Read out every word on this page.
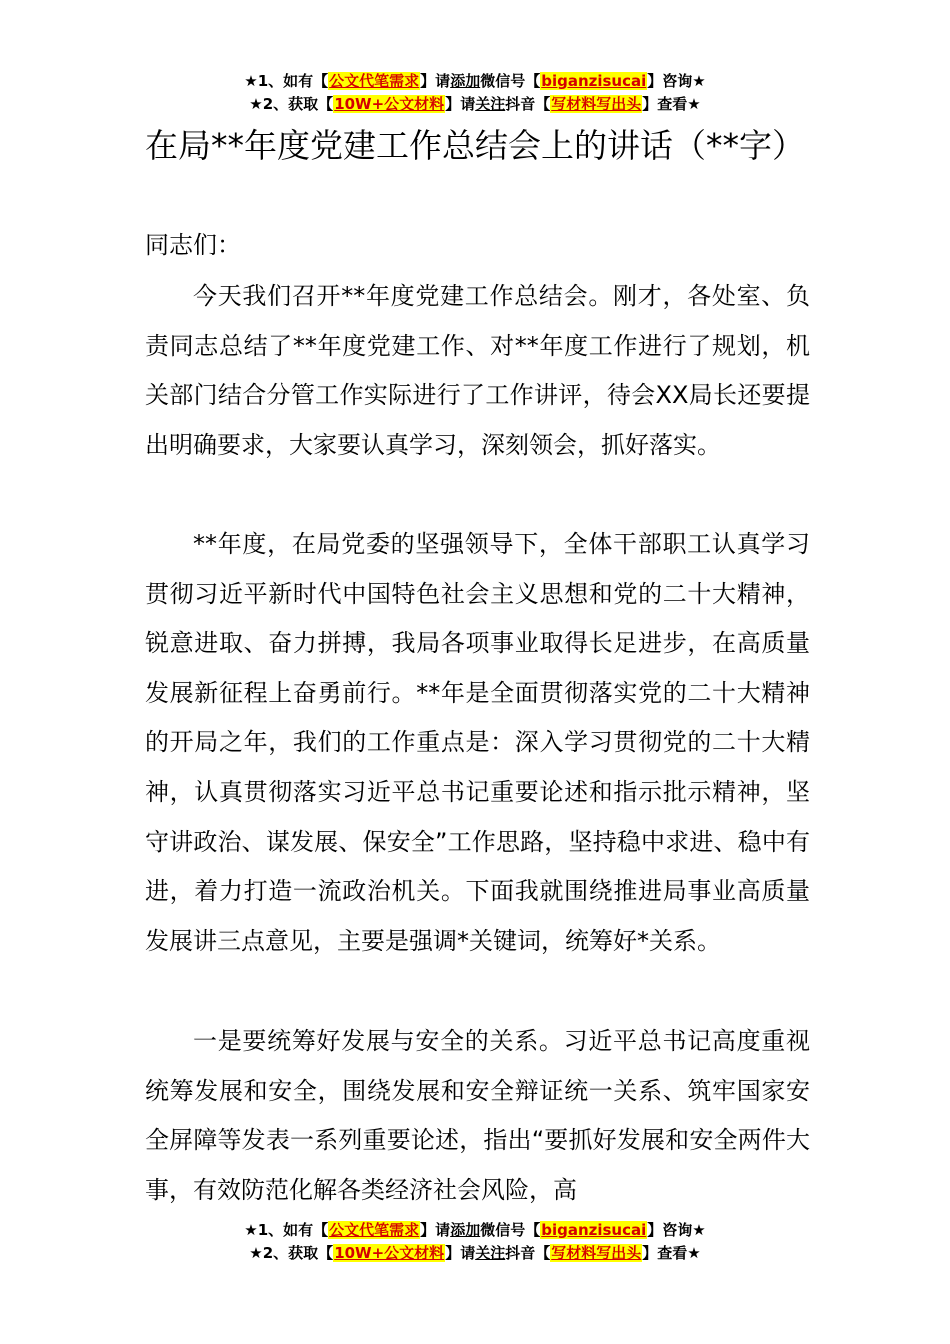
★1、如有【公文代笔需求】请添加微信号【biganzisucai】咨询★
★2、获取【10W+公文材料】请关注抖音【写材料写出头】查看★
在局**年度党建工作总结会上的讲话（**字）

同志们：

今天我们召开**年度党建工作总结会。刚才，各处室、负责同志总结了**年度党建工作、对**年度工作进行了规划，机关部门结合分管工作实际进行了工作讲评，待会XX局长还要提出明确要求，大家要认真学习，深刻领会，抓好落实。

**年度，在局党委的坚强领导下，全体干部职工认真学习贯彻习近平新时代中国特色社会主义思想和党的二十大精神，锐意进取、奋力拼搏，我局各项事业取得长足进步，在高质量发展新征程上奋勇前行。**年是全面贯彻落实党的二十大精神的开局之年，我们的工作重点是：深入学习贯彻党的二十大精神，认真贯彻落实习近平总书记重要论述和指示批示精神，坚守讲政治、谋发展、保安全”工作思路，坚持稳中求进、稳中有进，着力打造一流政治机关。下面我就围绕推进局事业高质量发展讲三点意见，主要是强调*关键词，统筹好*关系。

一是要统筹好发展与安全的关系。习近平总书记高度重视统筹发展和安全，围绕发展和安全辩证统一关系、筑牢国家安全屏障等发表一系列重要论述，指出“要抓好发展和安全两件大事，有效防范化解各类经济社会风险，高

★1、如有【公文代笔需求】请添加微信号【biganzisucai】咨询★
★2、获取【10W+公文材料】请关注抖音【写材料写出头】查看★
